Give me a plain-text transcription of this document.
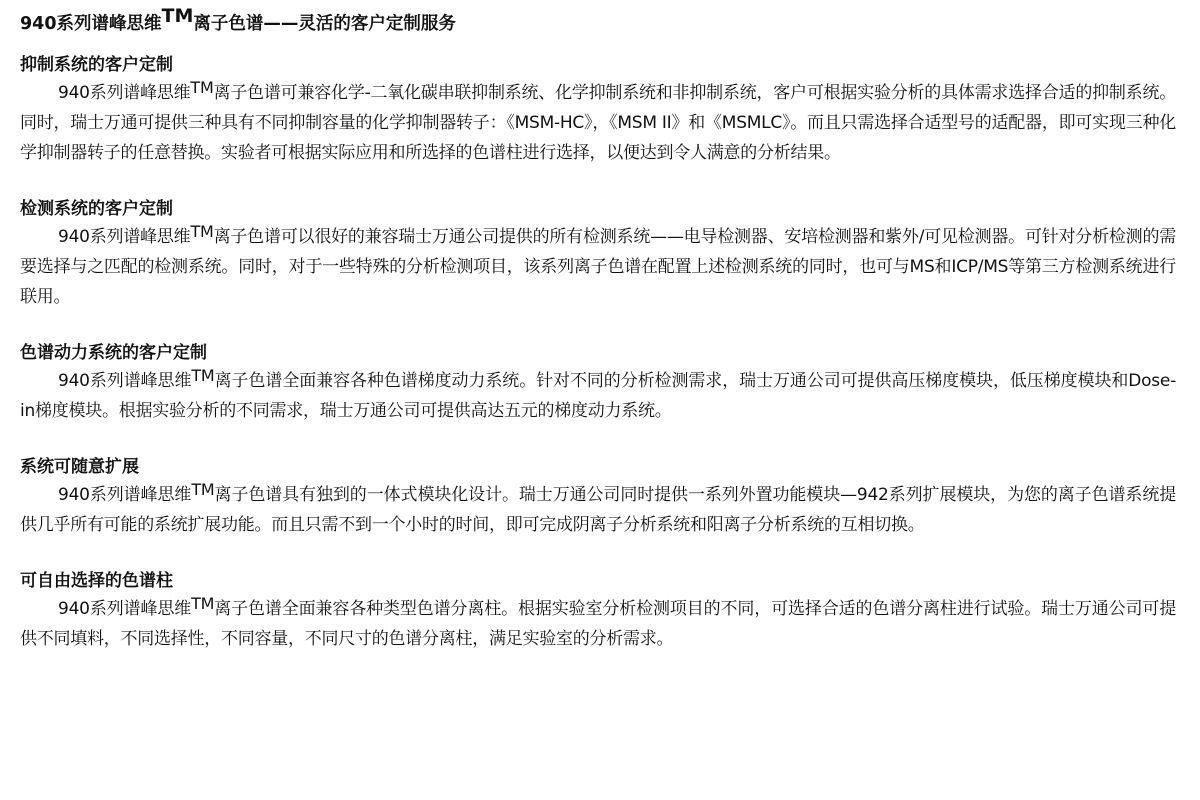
940系列谱峰思维™离子色谱——灵活的客户定制服务
抑制系统的客户定制

940系列谱峰思维™离子色谱可兼容化学-二氧化碳串联抑制系统、化学抑制系统和非抑制系统，客户可根据实验分析的具体需求选择合适的抑制系统。同时，瑞士万通可提供三种具有不同抑制容量的化学抑制器转子：《MSM-HC》，《MSM II》和《MSMLC》。而且只需选择合适型号的适配器，即可实现三种化学抑制器转子的任意替换。实验者可根据实际应用和所选择的色谱柱进行选择，以便达到令人满意的分析结果。

检测系统的客户定制

940系列谱峰思维™离子色谱可以很好的兼容瑞士万通公司提供的所有检测系统——电导检测器、安培检测器和紫外/可见检测器。可针对分析检测的需要选择与之匹配的检测系统。同时，对于一些特殊的分析检测项目，该系列离子色谱在配置上述检测系统的同时，也可与MS和ICP/MS等第三方检测系统进行联用。

色谱动力系统的客户定制

940系列谱峰思维™离子色谱全面兼容各种色谱梯度动力系统。针对不同的分析检测需求，瑞士万通公司可提供高压梯度模块，低压梯度模块和Dose-in梯度模块。根据实验分析的不同需求，瑞士万通公司可提供高达五元的梯度动力系统。

系统可随意扩展

940系列谱峰思维™离子色谱具有独到的一体式模块化设计。瑞士万通公司同时提供一系列外置功能模块—942系列扩展模块，为您的离子色谱系统提供几乎所有可能的系统扩展功能。而且只需不到一个小时的时间，即可完成阴离子分析系统和阳离子分析系统的互相切换。

可自由选择的色谱柱

940系列谱峰思维™离子色谱全面兼容各种类型色谱分离柱。根据实验室分析检测项目的不同，可选择合适的色谱分离柱进行试验。瑞士万通公司可提供不同填料，不同选择性，不同容量，不同尺寸的色谱分离柱，满足实验室的分析需求。
